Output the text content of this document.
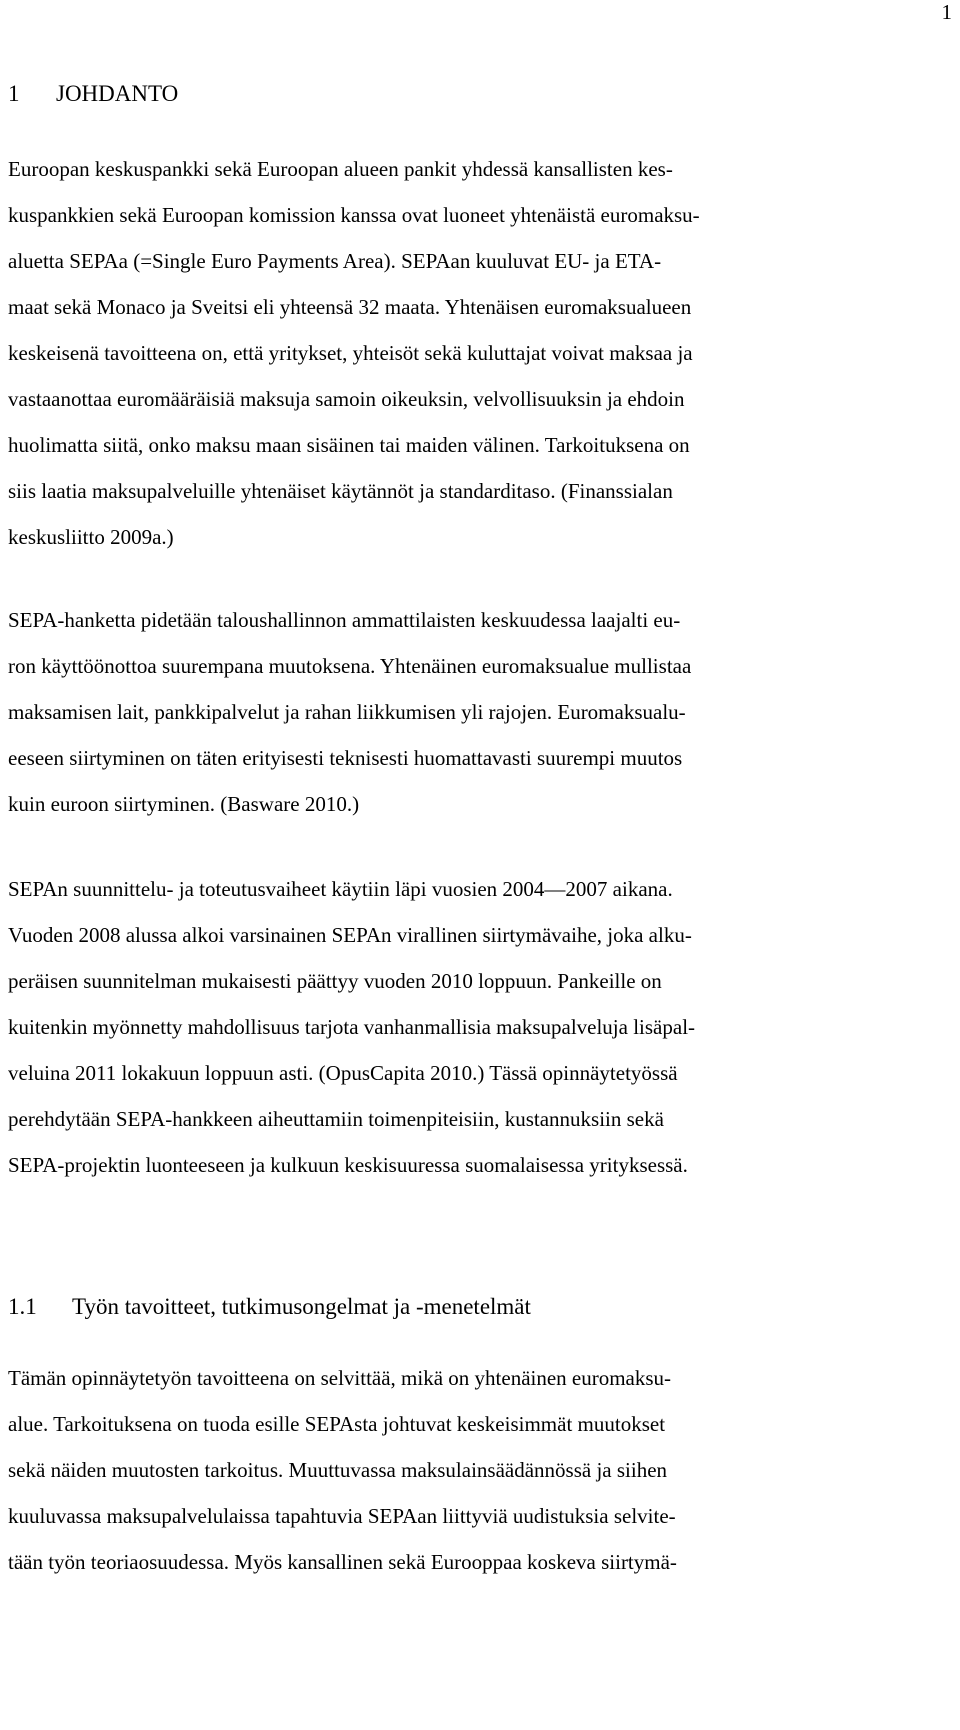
1
1 JOHDANTO
Euroopan keskuspankki sekä Euroopan alueen pankit yhdessä kansallisten kes-
kuspankkien sekä Euroopan komission kanssa ovat luoneet yhtenäistä euromaksu-
aluetta SEPAa (=Single Euro Payments Area). SEPAan kuuluvat EU- ja ETA-
maat sekä Monaco ja Sveitsi eli yhteensä 32 maata. Yhtenäisen euromaksualueen
keskeisenä tavoitteena on, että yritykset, yhteisöt sekä kuluttajat voivat maksaa ja
vastaanottaa euromääräisiä maksuja samoin oikeuksin, velvollisuuksin ja ehdoin
huolimatta siitä, onko maksu maan sisäinen tai maiden välinen. Tarkoituksena on
siis laatia maksupalveluille yhtenäiset käytännöt ja standarditaso. (Finanssialan
keskusliitto 2009a.)
SEPA-hanketta pidetään taloushallinnon ammattilaisten keskuudessa laajalti eu-
ron käyttöönottoa suurempana muutoksena. Yhtenäinen euromaksualue mullistaa
maksamisen lait, pankkipalvelut ja rahan liikkumisen yli rajojen. Euromaksualu-
eeseen siirtyminen on täten erityisesti teknisesti huomattavasti suurempi muutos
kuin euroon siirtyminen. (Basware 2010.)
SEPAn suunnittelu- ja toteutusvaiheet käytiin läpi vuosien 2004—2007 aikana.
Vuoden 2008 alussa alkoi varsinainen SEPAn virallinen siirtymävaihe, joka alku-
peräisen suunnitelman mukaisesti päättyy vuoden 2010 loppuun. Pankeille on
kuitenkin myönnetty mahdollisuus tarjota vanhanmallisia maksupalveluja lisäpal-
veluina 2011 lokakuun loppuun asti. (OpusCapita 2010.) Tässä opinnäytetyössä
perehdytään SEPA-hankkeen aiheuttamiin toimenpiteisiin, kustannuksiin sekä
SEPA-projektin luonteeseen ja kulkuun keskisuuressa suomalaisessa yrityksessä.
1.1 Työn tavoitteet, tutkimusongelmat ja -menetelmät
Tämän opinnäytetyön tavoitteena on selvittää, mikä on yhtenäinen euromaksu-
alue. Tarkoituksena on tuoda esille SEPAsta johtuvat keskeisimmät muutokset
sekä näiden muutosten tarkoitus. Muuttuvassa maksulainsäädännössä ja siihen
kuuluvassa maksupalvelulaissa tapahtuvia SEPAan liittyviä uudistuksia selvite-
tään työn teoriaosuudessa. Myös kansallinen sekä Eurooppaa koskeva siirtymä-
